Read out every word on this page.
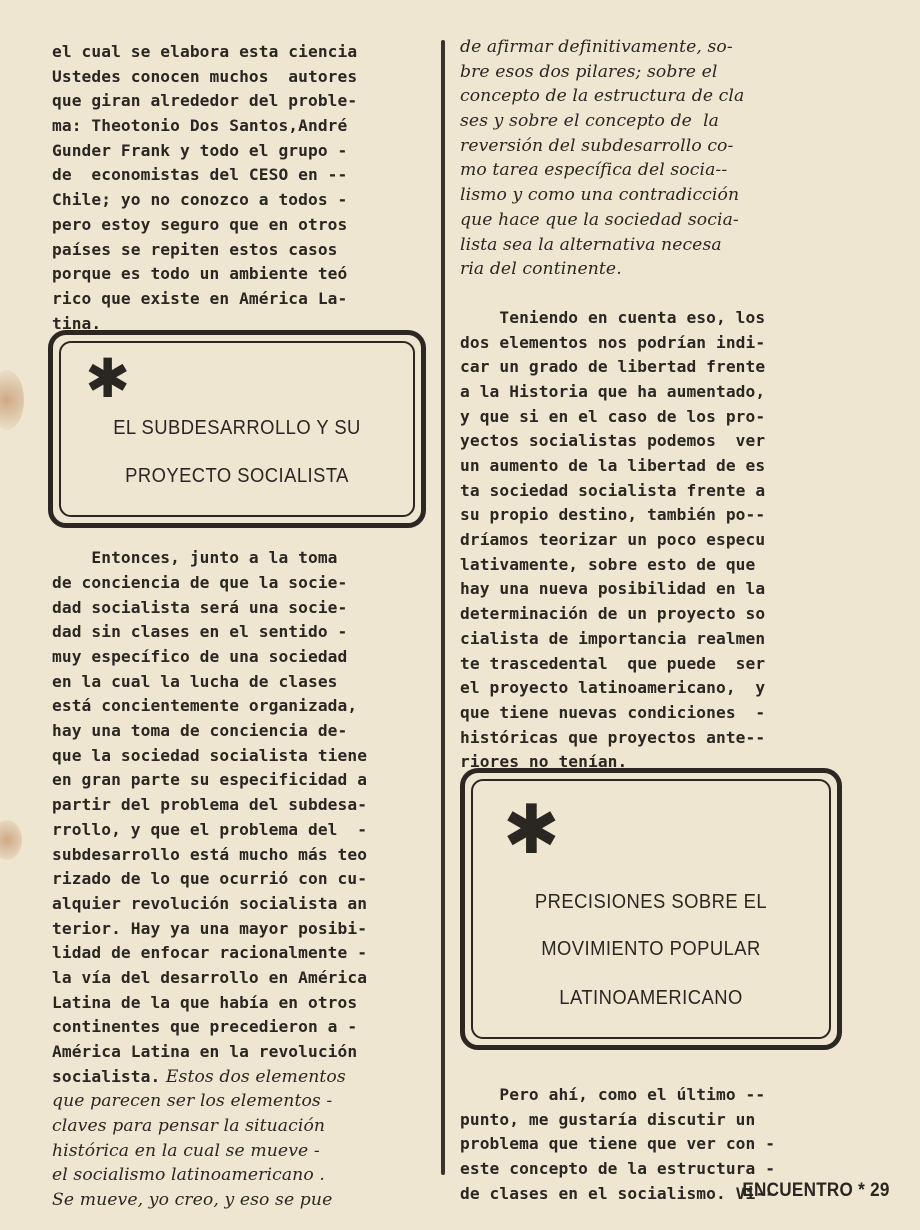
el cual se elabora esta ciencia
Ustedes conocen muchos  autores
que giran alrededor del proble-
ma: Theotonio Dos Santos,André
Gunder Frank y todo el grupo -
de  economistas del CESO en --
Chile; yo no conozco a todos -
pero estoy seguro que en otros
países se repiten estos casos
porque es todo un ambiente teó
rico que existe en América La-
tina.
Entonces, junto a la toma
de conciencia de que la socie-
dad socialista será una socie-
dad sin clases en el sentido -
muy específico de una sociedad
en la cual la lucha de clases
está concientemente organizada,
hay una toma de conciencia de-
que la sociedad socialista tiene
en gran parte su especificidad a
partir del problema del subdesa-
rrollo, y que el problema del  -
subdesarrollo está mucho más teo
rizado de lo que ocurrió con cu-
alquier revolución socialista an
terior. Hay ya una mayor posibi-
lidad de enfocar racionalmente -
la vía del desarrollo en América
Latina de la que había en otros
continentes que precedieron a -
América Latina en la revolución
socialista. Estos dos elementos
que parecen ser los elementos -
claves para pensar la situación
histórica en la cual se mueve -
el socialismo latinoamericano .
Se mueve, yo creo, y eso se pue
de afirmar definitivamente, so-
bre esos dos pilares; sobre el
concepto de la estructura de cla
ses y sobre el concepto de  la
reversión del subdesarrollo co-
mo tarea específica del socia--
lismo y como una contradicción
que hace que la sociedad socia-
lista sea la alternativa necesa
ria del continente.
Teniendo en cuenta eso, los
dos elementos nos podrían indi-
car un grado de libertad frente
a la Historia que ha aumentado,
y que si en el caso de los pro-
yectos socialistas podemos  ver
un aumento de la libertad de es
ta sociedad socialista frente a
su propio destino, también po--
dríamos teorizar un poco especu
lativamente, sobre esto de que
hay una nueva posibilidad en la
determinación de un proyecto so
cialista de importancia realmen
te trascedental  que puede  ser
el proyecto latinoamericano,  y
que tiene nuevas condiciones  -
históricas que proyectos ante--
riores no tenían.
Pero ahí, como el último --
punto, me gustaría discutir un
problema que tiene que ver con -
este concepto de la estructura -
de clases en el socialismo. Vi--
✱
EL SUBDESARROLLO Y SU
PROYECTO SOCIALISTA
✱
PRECISIONES SOBRE EL
MOVIMIENTO POPULAR
LATINOAMERICANO
ENCUENTRO * 29
